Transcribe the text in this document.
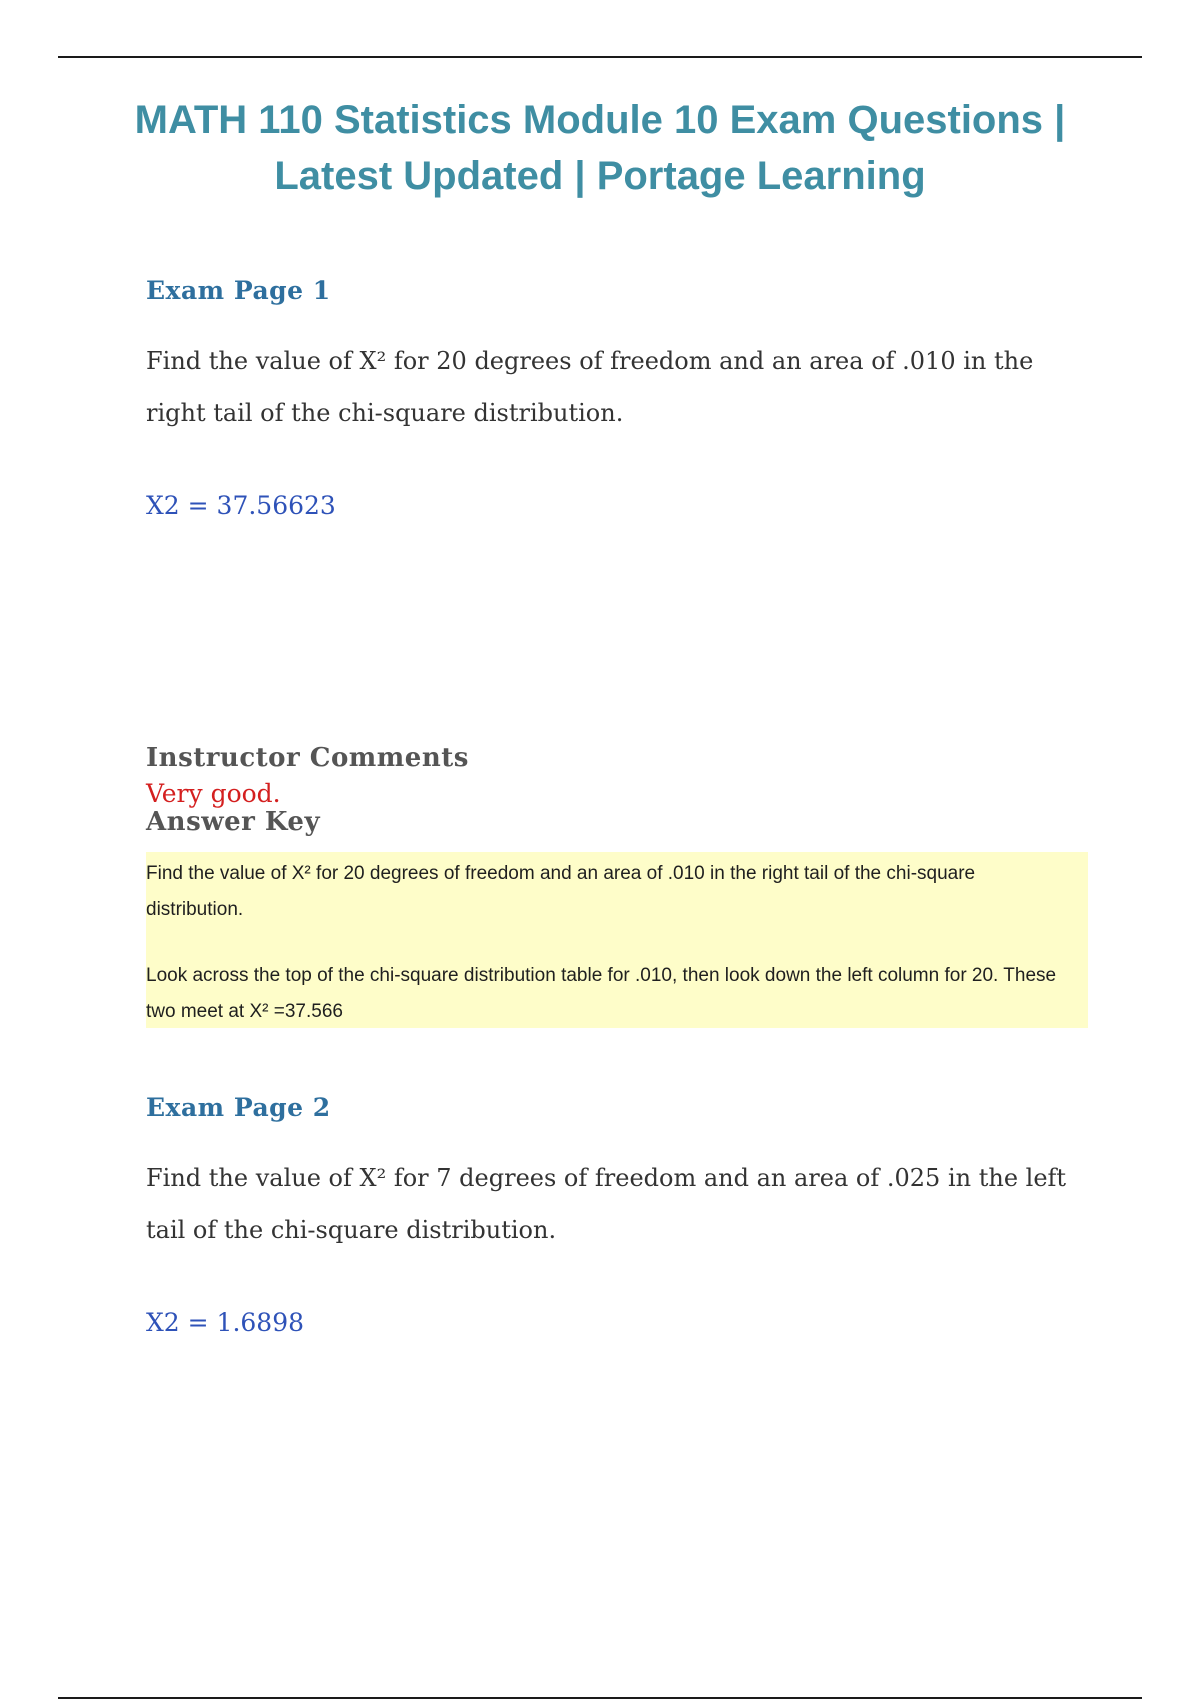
MATH 110 Statistics Module 10 Exam Questions |
Latest Updated | Portage Learning
Exam Page 1

Find the value of X² for 20 degrees of freedom and an area of .010 in the right tail of the chi-square distribution.

X2 = 37.56623

Instructor Comments

Very good.

Answer Key

Find the value of X² for 20 degrees of freedom and an area of .010 in the right tail of the chi-square distribution.

Look across the top of the chi-square distribution table for .010, then look down the left column for 20. These two meet at X² =37.566

Exam Page 2

Find the value of X² for 7 degrees of freedom and an area of .025 in the left tail of the chi-square distribution.

X2 = 1.6898
